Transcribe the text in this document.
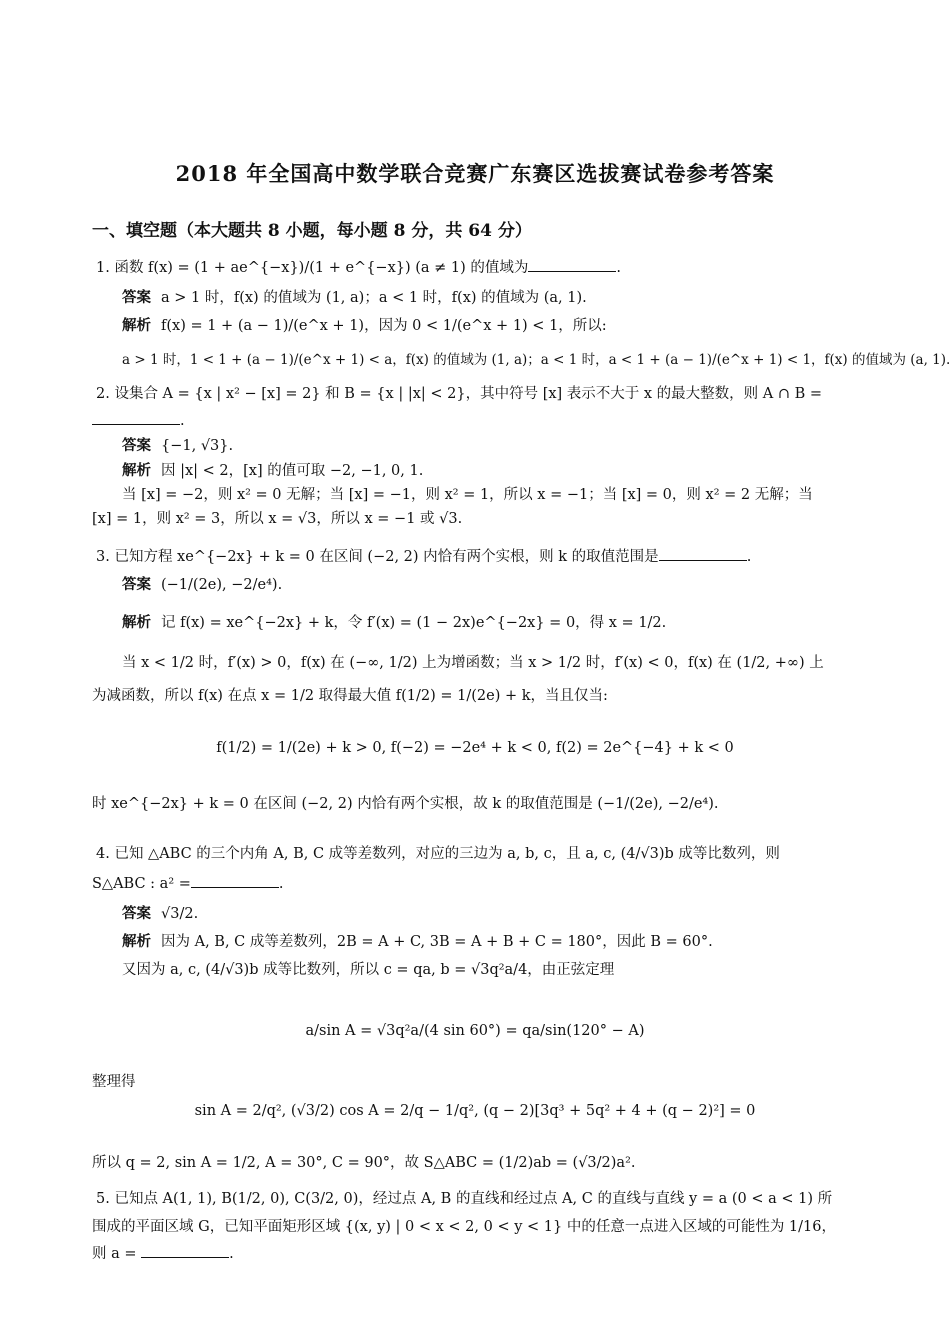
2018 年全国高中数学联合竞赛广东赛区选拔赛试卷参考答案
一、填空题（本大题共 8 小题，每小题 8 分，共 64 分）
1. 函数 f(x) = (1 + ae^{−x})/(1 + e^{−x}) (a ≠ 1) 的值域为	.
答案 a > 1 时，f(x) 的值域为 (1, a)；a < 1 时，f(x) 的值域为 (a, 1).
解析 f(x) = 1 + (a − 1)/(e^x + 1)，因为 0 < 1/(e^x + 1) < 1，所以:
a > 1 时，1 < 1 + (a − 1)/(e^x + 1) < a，f(x) 的值域为 (1, a)；a < 1 时，a < 1 + (a − 1)/(e^x + 1) < 1，f(x) 的值域为 (a, 1).
2. 设集合 A = {x | x² − [x] = 2} 和 B = {x | |x| < 2}，其中符号 [x] 表示不大于 x 的最大整数，则 A ∩ B =
.
答案 {−1, √3}.
解析 因 |x| < 2，[x] 的值可取 −2, −1, 0, 1.
当 [x] = −2，则 x² = 0 无解；当 [x] = −1，则 x² = 1，所以 x = −1；当 [x] = 0，则 x² = 2 无解；当
[x] = 1，则 x² = 3，所以 x = √3，所以 x = −1 或 √3.
3. 已知方程 xe^{−2x} + k = 0 在区间 (−2, 2) 内恰有两个实根，则 k 的取值范围是	.
答案 (−1/(2e), −2/e⁴).
解析 记 f(x) = xe^{−2x} + k，令 f′(x) = (1 − 2x)e^{−2x} = 0，得 x = 1/2.
当 x < 1/2 时，f′(x) > 0，f(x) 在 (−∞, 1/2) 上为增函数；当 x > 1/2 时，f′(x) < 0，f(x) 在 (1/2, +∞) 上
为减函数，所以 f(x) 在点 x = 1/2 取得最大值 f(1/2) = 1/(2e) + k，当且仅当:
f(1/2) = 1/(2e) + k > 0, f(−2) = −2e⁴ + k < 0, f(2) = 2e^{−4} + k < 0
时 xe^{−2x} + k = 0 在区间 (−2, 2) 内恰有两个实根，故 k 的取值范围是 (−1/(2e), −2/e⁴).
4. 已知 △ABC 的三个内角 A, B, C 成等差数列，对应的三边为 a, b, c，且 a, c, (4/√3)b 成等比数列，则
S△ABC : a² =	.
答案 √3/2.
解析 因为 A, B, C 成等差数列，2B = A + C, 3B = A + B + C = 180°，因此 B = 60°.
又因为 a, c, (4/√3)b 成等比数列，所以 c = qa, b = √3q²a/4，由正弦定理
a/sin A = √3q²a/(4 sin 60°) = qa/sin(120° − A)
整理得
sin A = 2/q², (√3/2) cos A = 2/q − 1/q², (q − 2)[3q³ + 5q² + 4 + (q − 2)²] = 0
所以 q = 2, sin A = 1/2, A = 30°, C = 90°，故 S△ABC = (1/2)ab = (√3/2)a².
5. 已知点 A(1, 1), B(1/2, 0), C(3/2, 0)，经过点 A, B 的直线和经过点 A, C 的直线与直线 y = a (0 < a < 1) 所
围成的平面区域 G，已知平面矩形区域 {(x, y) | 0 < x < 2, 0 < y < 1} 中的任意一点进入区域的可能性为 1/16，
则 a =	.
